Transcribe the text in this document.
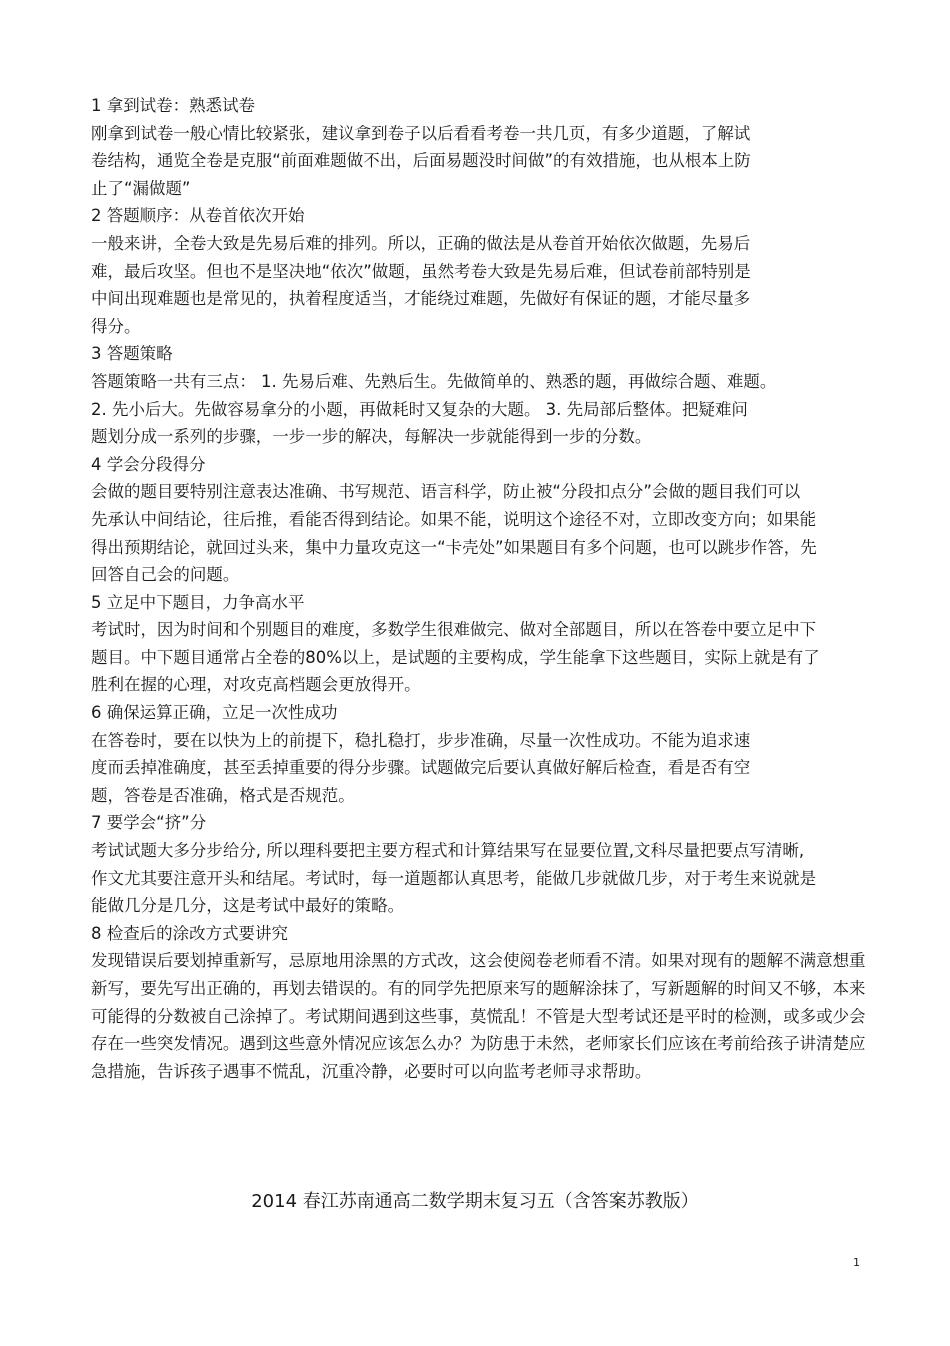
1 拿到试卷：熟悉试卷
刚拿到试卷一般心情比较紧张，建议拿到卷子以后看看考卷一共几页，有多少道题，了解试
卷结构，通览全卷是克服“前面难题做不出，后面易题没时间做”的有效措施，也从根本上防
止了“漏做题”
2 答题顺序：从卷首依次开始
一般来讲，全卷大致是先易后难的排列。所以，正确的做法是从卷首开始依次做题，先易后
难，最后攻坚。但也不是坚决地“依次”做题，虽然考卷大致是先易后难，但试卷前部特别是
中间出现难题也是常见的，执着程度适当，才能绕过难题，先做好有保证的题，才能尽量多
得分。
3 答题策略
答题策略一共有三点： 1. 先易后难、先熟后生。先做简单的、熟悉的题，再做综合题、难题。
2. 先小后大。先做容易拿分的小题，再做耗时又复杂的大题。 3. 先局部后整体。把疑难问
题划分成一系列的步骤，一步一步的解决，每解决一步就能得到一步的分数。
4 学会分段得分
会做的题目要特别注意表达准确、书写规范、语言科学，防止被“分段扣点分”会做的题目我们可以
先承认中间结论，往后推，看能否得到结论。如果不能，说明这个途径不对，立即改变方向；如果能
得出预期结论，就回过头来，集中力量攻克这一“卡壳处”如果题目有多个问题，也可以跳步作答，先
回答自己会的问题。
5 立足中下题目，力争高水平
考试时，因为时间和个别题目的难度，多数学生很难做完、做对全部题目，所以在答卷中要立足中下
题目。中下题目通常占全卷的80%以上，是试题的主要构成，学生能拿下这些题目，实际上就是有了
胜利在握的心理，对攻克高档题会更放得开。
6 确保运算正确，立足一次性成功
在答卷时，要在以快为上的前提下，稳扎稳打，步步准确，尽量一次性成功。不能为追求速
度而丢掉准确度，甚至丢掉重要的得分步骤。试题做完后要认真做好解后检查，看是否有空
题，答卷是否准确，格式是否规范。
7 要学会“挤”分
考试试题大多分步给分, 所以理科要把主要方程式和计算结果写在显要位置,文科尽量把要点写清晰,
作文尤其要注意开头和结尾。考试时，每一道题都认真思考，能做几步就做几步，对于考生来说就是
能做几分是几分，这是考试中最好的策略。
8 检查后的涂改方式要讲究
发现错误后要划掉重新写，忌原地用涂黑的方式改，这会使阅卷老师看不清。如果对现有的题解不满意想重
新写，要先写出正确的，再划去错误的。有的同学先把原来写的题解涂抹了，写新题解的时间又不够，本来
可能得的分数被自己涂掉了。考试期间遇到这些事，莫慌乱！不管是大型考试还是平时的检测，或多或少会
存在一些突发情况。遇到这些意外情况应该怎么办？为防患于未然，老师家长们应该在考前给孩子讲清楚应
急措施，告诉孩子遇事不慌乱，沉重冷静，必要时可以向监考老师寻求帮助。
2014 春江苏南通高二数学期末复习五（含答案苏教版）
1
